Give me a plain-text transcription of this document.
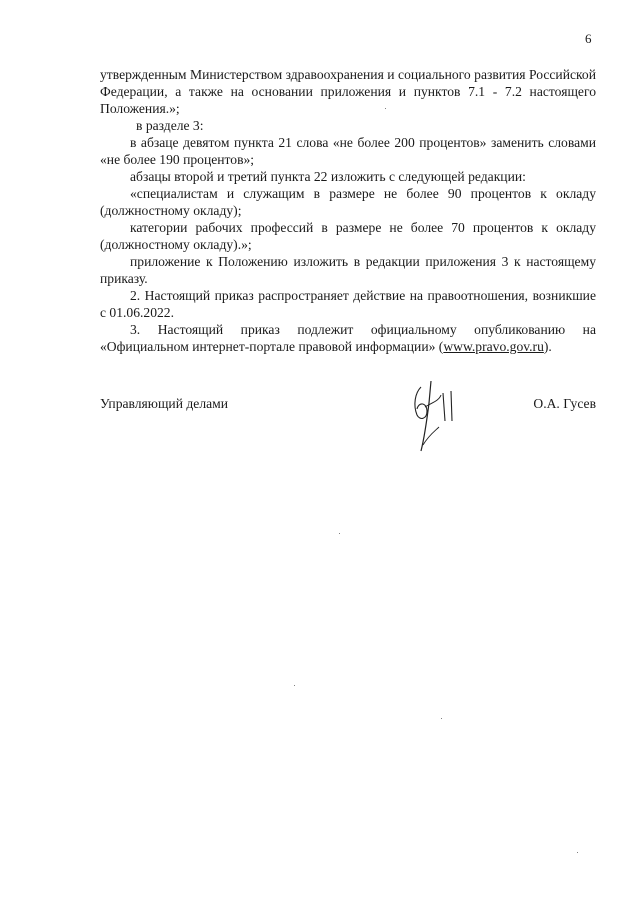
6

утвержденным Министерством здравоохранения и социального развития Российской Федерации, а также на основании приложения и пунктов 7.1 - 7.2 настоящего Положения.»;

в разделе 3:

в абзаце девятом пункта 21 слова «не более 200 процентов» заменить словами «не более 190 процентов»;

абзацы второй и третий пункта 22 изложить с следующей редакции:

«специалистам и служащим в размере не более 90 процентов к окладу (должностному окладу);

категории рабочих профессий в размере не более 70 процентов к окладу (должностному окладу).»;

приложение к Положению изложить в редакции приложения 3 к настоящему приказу.

2. Настоящий приказ распространяет действие на правоотношения, возникшие с 01.06.2022.

3. Настоящий приказ подлежит официальному опубликованию на «Официальном интернет-портале правовой информации» (www.pravo.gov.ru).

Управляющий делами	О.А. Гусев
